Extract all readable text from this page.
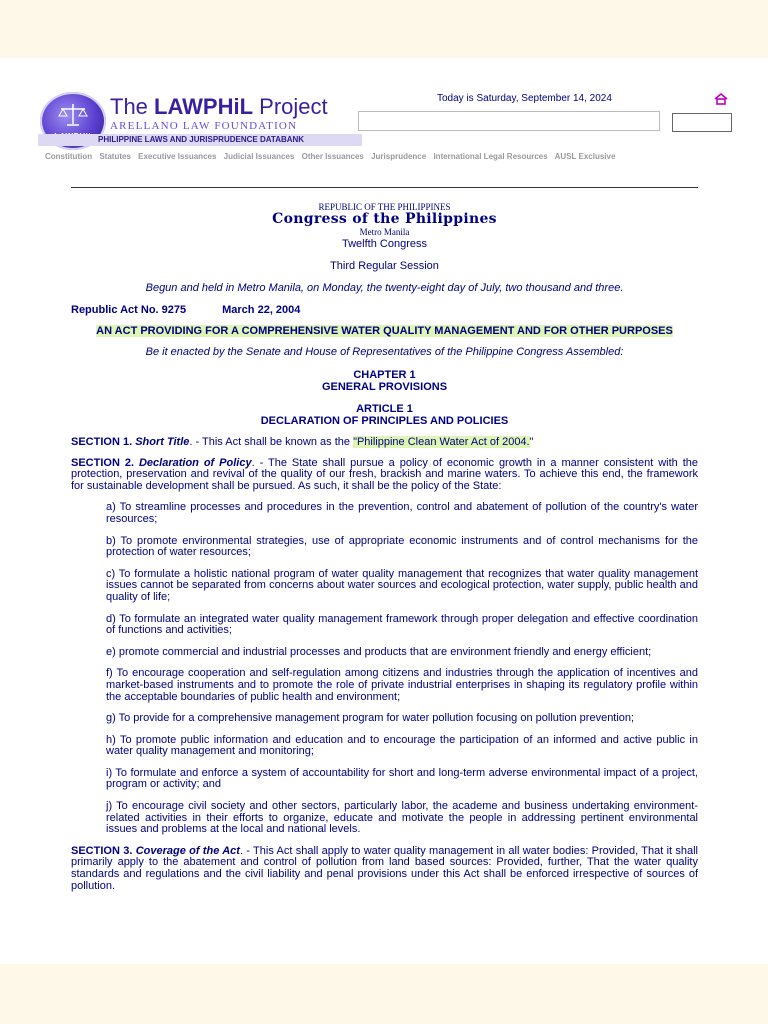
The LAWPHiL Project
ARELLANO LAW FOUNDATION
PHILIPPINE LAWS AND JURISPRUDENCE DATABANK
Today is Saturday, September 14, 2024
Constitution Statutes Executive Issuances Judicial Issuances Other Issuances Jurisprudence International Legal Resources AUSL Exclusive
REPUBLIC OF THE PHILIPPINES
Congress of the Philippines
Metro Manila
Twelfth Congress
Third Regular Session
Begun and held in Metro Manila, on Monday, the twenty-eight day of July, two thousand and three.
Republic Act No. 9275	March 22, 2004
AN ACT PROVIDING FOR A COMPREHENSIVE WATER QUALITY MANAGEMENT AND FOR OTHER PURPOSES
Be it enacted by the Senate and House of Representatives of the Philippine Congress Assembled:
CHAPTER 1
GENERAL PROVISIONS
ARTICLE 1
DECLARATION OF PRINCIPLES AND POLICIES

SECTION 1. Short Title. - This Act shall be known as the "Philippine Clean Water Act of 2004."

SECTION 2. Declaration of Policy. - The State shall pursue a policy of economic growth in a manner consistent with the protection, preservation and revival of the quality of our fresh, brackish and marine waters. To achieve this end, the framework for sustainable development shall be pursued. As such, it shall be the policy of the State:

a) To streamline processes and procedures in the prevention, control and abatement of pollution of the country's water resources;

b) To promote environmental strategies, use of appropriate economic instruments and of control mechanisms for the protection of water resources;

c) To formulate a holistic national program of water quality management that recognizes that water quality management issues cannot be separated from concerns about water sources and ecological protection, water supply, public health and quality of life;

d) To formulate an integrated water quality management framework through proper delegation and effective coordination of functions and activities;

e) promote commercial and industrial processes and products that are environment friendly and energy efficient;

f) To encourage cooperation and self-regulation among citizens and industries through the application of incentives and market-based instruments and to promote the role of private industrial enterprises in shaping its regulatory profile within the acceptable boundaries of public health and environment;

g) To provide for a comprehensive management program for water pollution focusing on pollution prevention;

h) To promote public information and education and to encourage the participation of an informed and active public in water quality management and monitoring;

i) To formulate and enforce a system of accountability for short and long-term adverse environmental impact of a project, program or activity; and

j) To encourage civil society and other sectors, particularly labor, the academe and business undertaking environment-related activities in their efforts to organize, educate and motivate the people in addressing pertinent environmental issues and problems at the local and national levels.

SECTION 3. Coverage of the Act. - This Act shall apply to water quality management in all water bodies: Provided, That it shall primarily apply to the abatement and control of pollution from land based sources: Provided, further, That the water quality standards and regulations and the civil liability and penal provisions under this Act shall be enforced irrespective of sources of pollution.
